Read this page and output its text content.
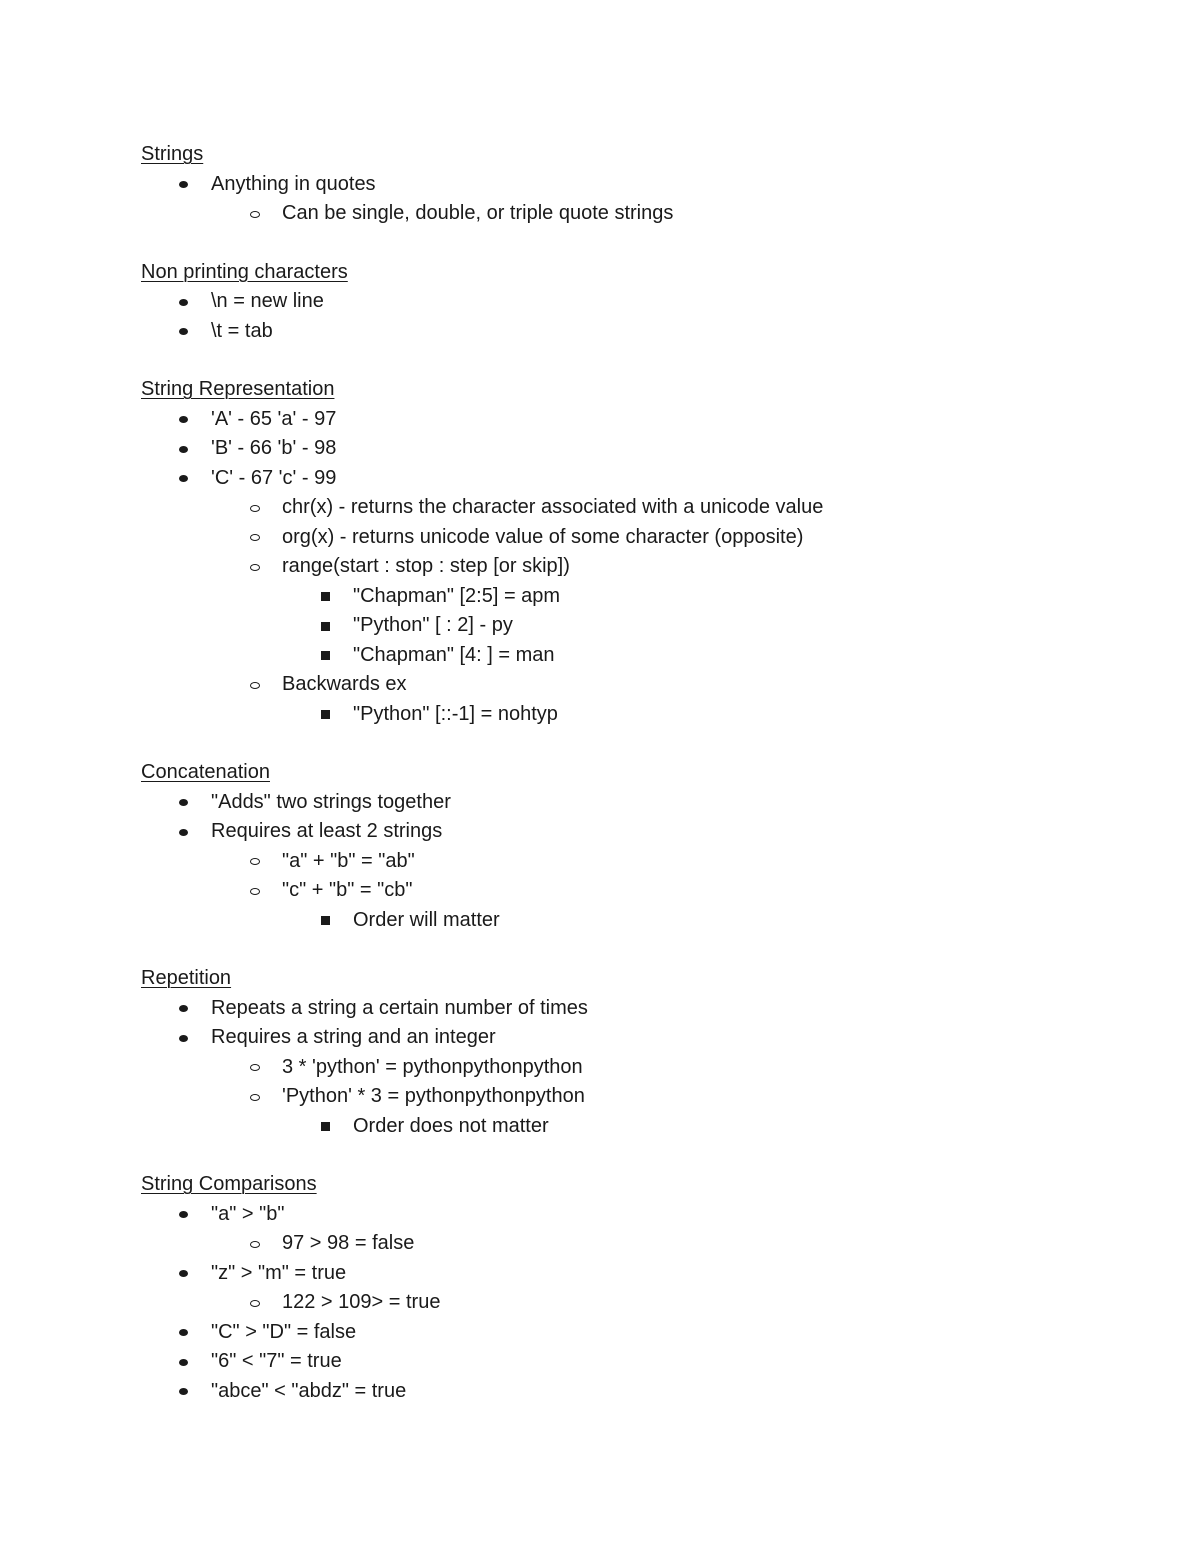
Strings
Anything in quotes
Can be single, double, or triple quote strings
Non printing characters
\n = new line
\t = tab
String Representation
'A' - 65 'a' - 97
'B' - 66 'b' - 98
'C' - 67 'c' - 99
chr(x) - returns the character associated with a unicode value
org(x) - returns unicode value of some character (opposite)
range(start : stop : step [or skip])
"Chapman" [2:5] = apm
"Python" [ : 2] - py
"Chapman" [4: ] = man
Backwards ex
"Python" [::-1] = nohtyp
Concatenation
"Adds" two strings together
Requires at least 2 strings
"a" + "b" = "ab"
"c" + "b" = "cb"
Order will matter
Repetition
Repeats a string a certain number of times
Requires a string and an integer
3 * 'python' = pythonpythonpython
'Python' * 3 = pythonpythonpython
Order does not matter
String Comparisons
"a" > "b"
97 > 98 = false
"z" > "m" = true
122 > 109> = true
"C" > "D" = false
"6" < "7" = true
"abce" < "abdz" = true
